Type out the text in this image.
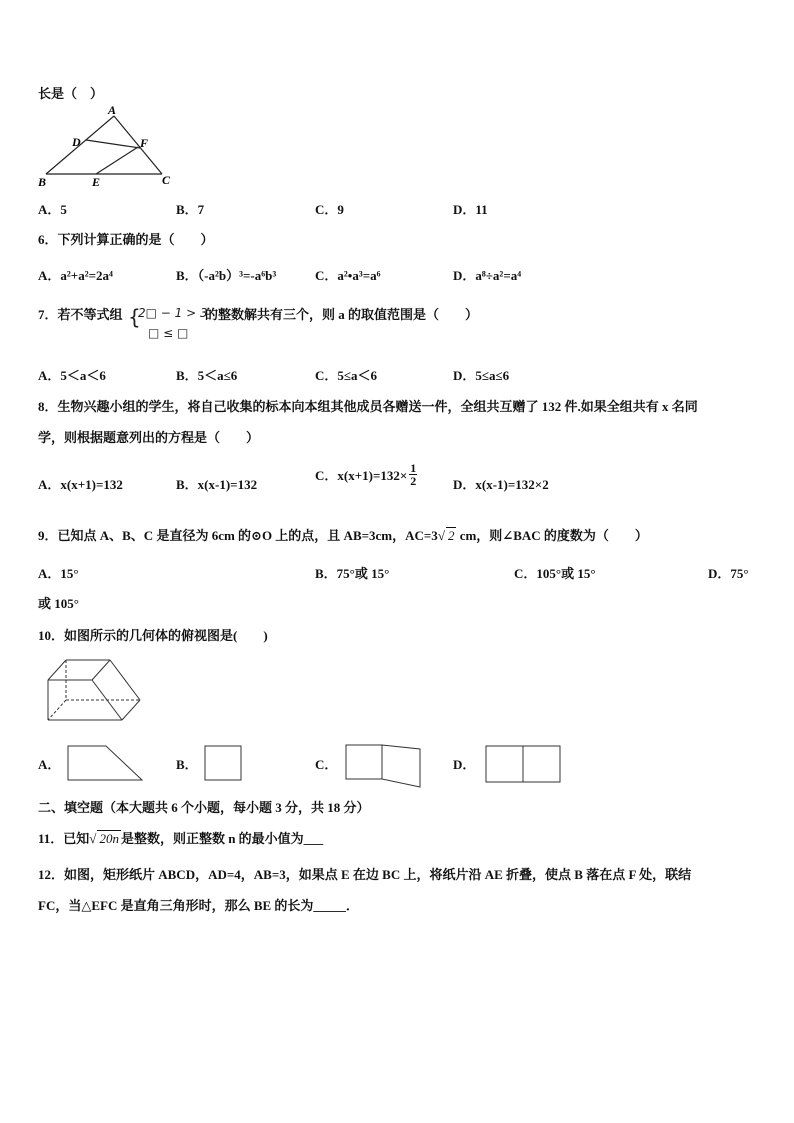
长是（　）
A
D	F
B	E	C
A．5	B．7	C．9	D．11
6．下列计算正确的是（　　）
A．a²+a²=2a⁴	B．（-a²b）³=-a⁶b³	C．a²•a³=a⁶	D．a⁸÷a²=a⁴
7．若不等式组 {
2□ − 1 > 3
□ ≤ □
的整数解共有三个，则 a 的取值范围是（　　）
A．5＜a＜6	B．5＜a≤6	C．5≤a＜6	D．5≤a≤6
8．生物兴趣小组的学生，将自己收集的标本向本组其他成员各赠送一件，全组共互赠了 132 件.如果全组共有 x 名同
学，则根据题意列出的方程是（　　）
A．x(x+1)=132	B．x(x-1)=132
C．$x(x+1)=132\times \frac{1}{2}$	D．x(x-1)=132×2
9．已知点 A、B、C 是直径为 6cm 的⊙O 上的点，且 AB=3cm，AC=3√ 2 cm，则∠BAC 的度数为（　　）
A．15°	B．75°或 15°	C．105°或 15°	D．75°
或 105°
10．如图所示的几何体的俯视图是(　　)
A．	B．	C．	D．
二、填空题（本大题共 6 个小题，每小题 3 分，共 18 分）
11．已知√ 20n 是整数，则正整数 n 的最小值为___
12．如图，矩形纸片 ABCD，AD=4，AB=3，如果点 E 在边 BC 上，将纸片沿 AE 折叠，使点 B 落在点 F 处，联结
FC，当△EFC 是直角三角形时，那么 BE 的长为_____．
